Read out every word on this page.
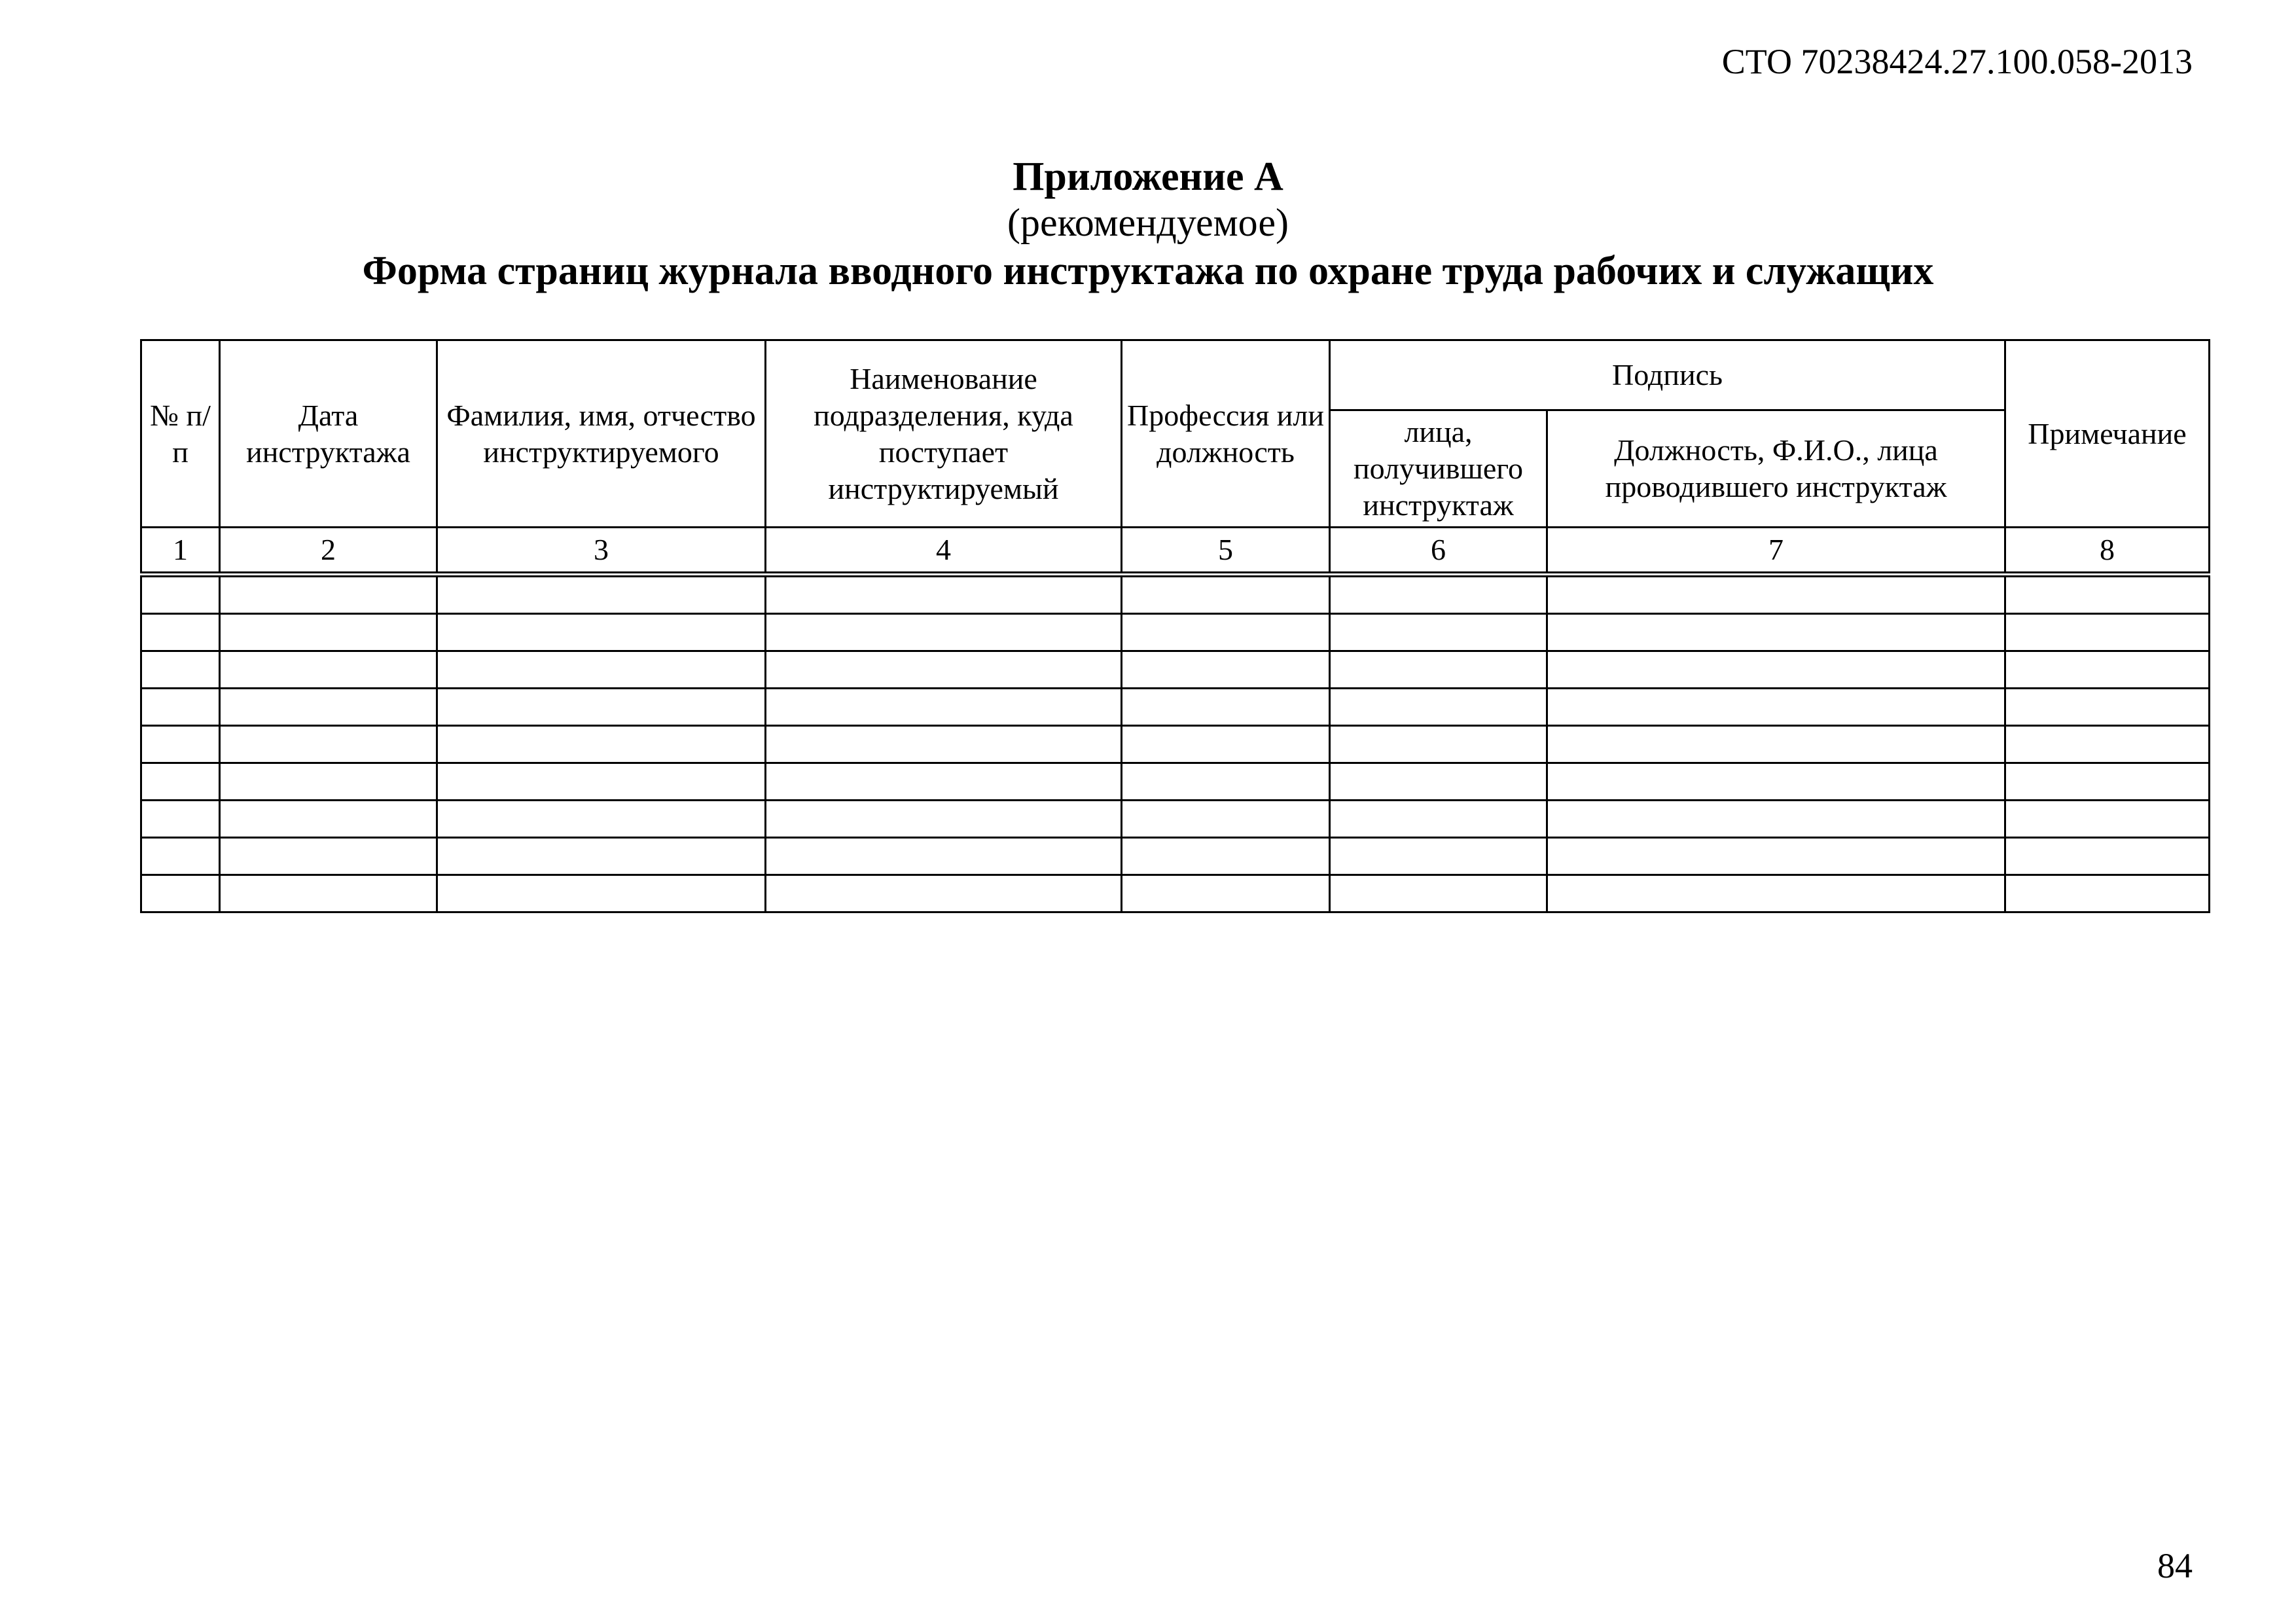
СТО 70238424.27.100.058-2013
Приложение А
(рекомендуемое)
Форма страниц журнала вводного инструктажа по охране труда рабочих и служащих
№ п/п	Дата инструктажа	Фамилия, имя, отчество инструктируемого	Наименование подразделения, куда поступает инструктируемый	Профессия или должность	Подпись		Примечание
					лица, получившего инструктаж	Должность, Ф.И.О., лица проводившего инструктаж	
1	2	3	4	5	6	7	8

84
